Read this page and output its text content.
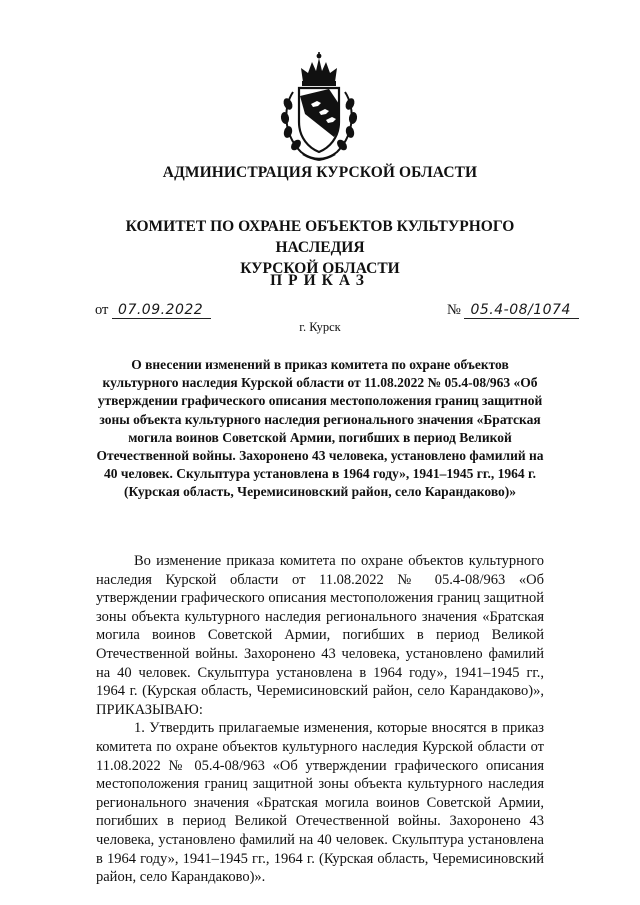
АДМИНИСТРАЦИЯ КУРСКОЙ ОБЛАСТИ
КОМИТЕТ ПО ОХРАНЕ ОБЪЕКТОВ КУЛЬТУРНОГО НАСЛЕДИЯ
КУРСКОЙ ОБЛАСТИ
ПРИКАЗ
от 07.09.2022	№ 05.4-08/1074
г. Курск
О внесении изменений в приказ комитета по охране объектов культурного наследия Курской области от 11.08.2022 № 05.4-08/963 «Об утверждении графического описания местоположения границ защитной зоны объекта культурного наследия регионального значения «Братская могила воинов Советской Армии, погибших в период Великой Отечественной войны. Захоронено 43 человека, установлено фамилий на 40 человек. Скульптура установлена в 1964 году», 1941–1945 гг., 1964 г. (Курская область, Черемисиновский район, село Карандаково)»

Во изменение приказа комитета по охране объектов культурного наследия Курской области от 11.08.2022 № 05.4-08/963 «Об утверждении графического описания местоположения границ защитной зоны объекта культурного наследия регионального значения «Братская могила воинов Советской Армии, погибших в период Великой Отечественной войны. Захоронено 43 человека, установлено фамилий на 40 человек. Скульптура установлена в 1964 году», 1941–1945 гг., 1964 г. (Курская область, Черемисиновский район, село Карандаково)», ПРИКАЗЫВАЮ:

1. Утвердить прилагаемые изменения, которые вносятся в приказ комитета по охране объектов культурного наследия Курской области от 11.08.2022 № 05.4-08/963 «Об утверждении графического описания местоположения границ защитной зоны объекта культурного наследия регионального значения «Братская могила воинов Советской Армии, погибших в период Великой Отечественной войны. Захоронено 43 человека, установлено фамилий на 40 человек. Скульптура установлена в 1964 году», 1941–1945 гг., 1964 г. (Курская область, Черемисиновский район, село Карандаково)».
